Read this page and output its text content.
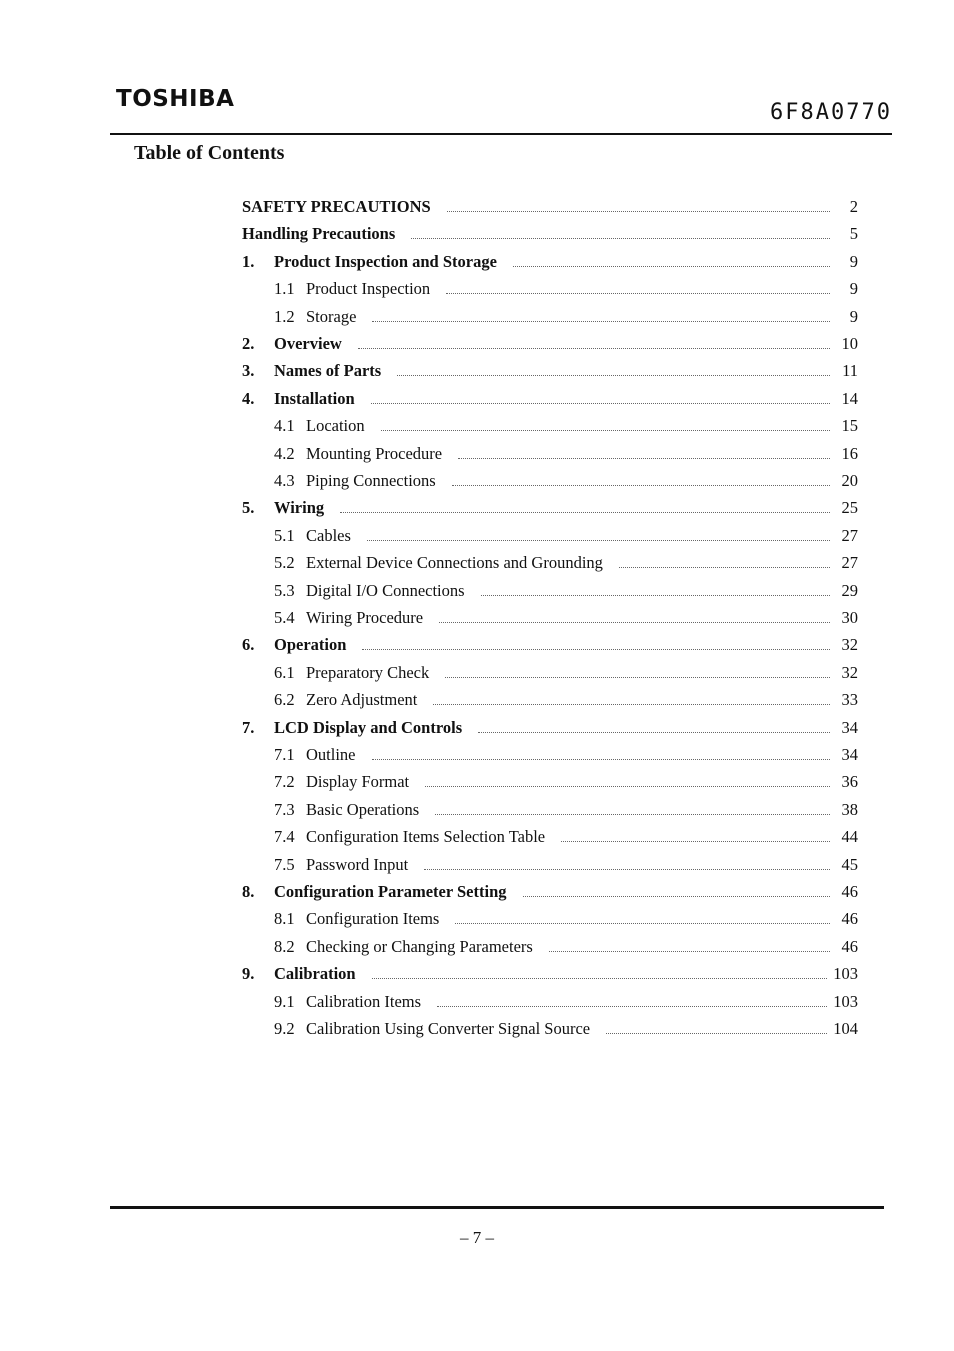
TOSHIBA
6F8A0770
Table of Contents
SAFETY PRECAUTIONS	2
Handling Precautions	5
1.	Product Inspection and Storage	9
1.1 Product Inspection	9
1.2 Storage	9
2.	Overview	10
3.	Names of Parts	11
4.	Installation	14
4.1 Location	15
4.2 Mounting Procedure	16
4.3 Piping Connections	20
5.	Wiring	25
5.1 Cables	27
5.2 External Device Connections and Grounding	27
5.3 Digital I/O Connections	29
5.4 Wiring Procedure	30
6.	Operation	32
6.1 Preparatory Check	32
6.2 Zero Adjustment	33
7.	LCD Display and Controls	34
7.1 Outline	34
7.2 Display Format	36
7.3 Basic Operations	38
7.4 Configuration Items Selection Table	44
7.5 Password Input	45
8.	Configuration Parameter Setting	46
8.1 Configuration Items	46
8.2 Checking or Changing Parameters	46
9.	Calibration	103
9.1 Calibration Items	103
9.2 Calibration Using Converter Signal Source	104
– 7 –
